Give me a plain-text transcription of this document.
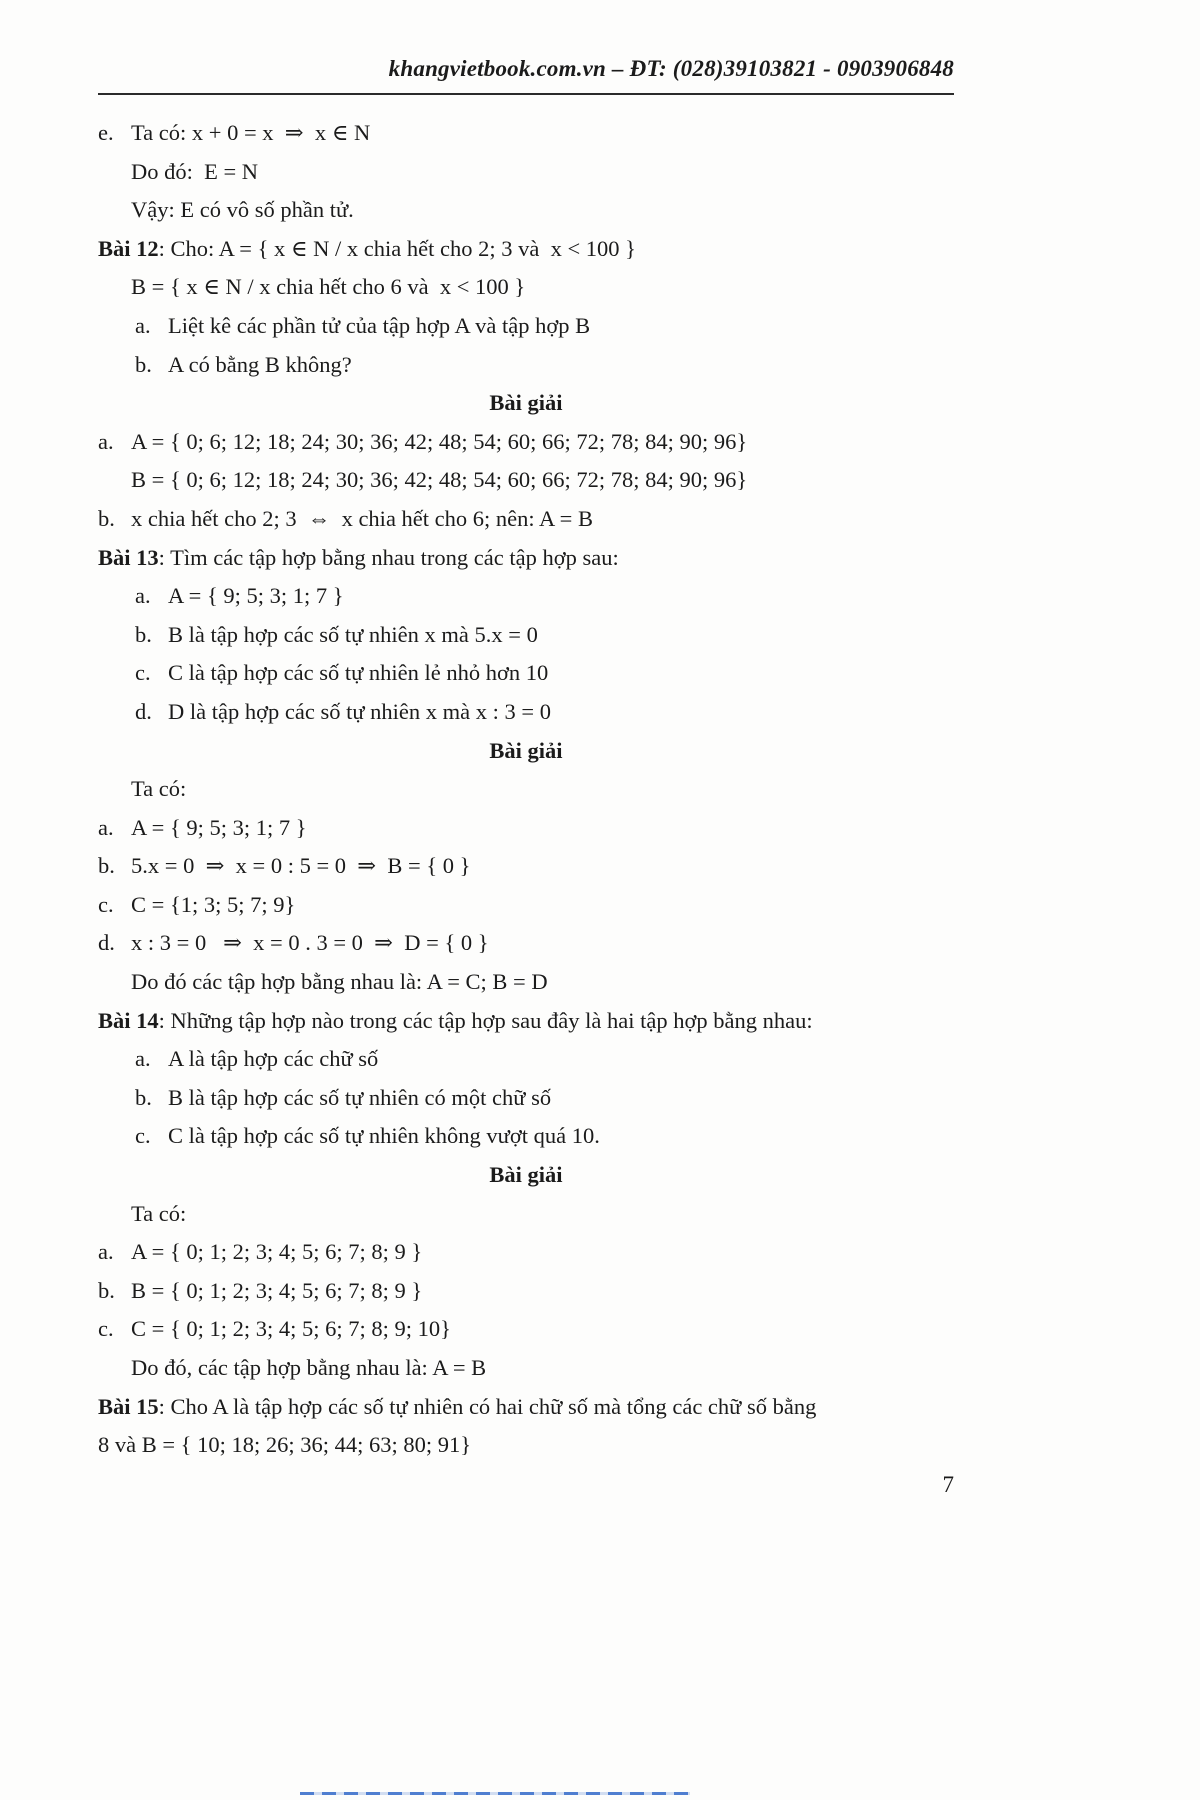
khangvietbook.com.vn – ĐT: (028)39103821 - 0903906848
e. Ta có: x + 0 = x  ⇒  x ∈ N
Do đó:  E = N
Vậy: E có vô số phần tử.
Bài 12: Cho: A = { x ∈ N / x chia hết cho 2; 3 và  x < 100 }
B = { x ∈ N / x chia hết cho 6 và  x < 100 }
a. Liệt kê các phần tử của tập hợp A và tập hợp B
b. A có bằng B không?
Bài giải
a. A = { 0; 6; 12; 18; 24; 30; 36; 42; 48; 54; 60; 66; 72; 78; 84; 90; 96}
B = { 0; 6; 12; 18; 24; 30; 36; 42; 48; 54; 60; 66; 72; 78; 84; 90; 96}
b. x chia hết cho 2; 3  ⇔  x chia hết cho 6; nên: A = B
Bài 13: Tìm các tập hợp bằng nhau trong các tập hợp sau:
a. A = { 9; 5; 3; 1; 7 }
b. B là tập hợp các số tự nhiên x mà 5.x = 0
c. C là tập hợp các số tự nhiên lẻ nhỏ hơn 10
d. D là tập hợp các số tự nhiên x mà x : 3 = 0
Bài giải
Ta có:
a. A = { 9; 5; 3; 1; 7 }
b. 5.x = 0  ⇒  x = 0 : 5 = 0  ⇒  B = { 0 }
c. C = {1; 3; 5; 7; 9}
d. x : 3 = 0   ⇒  x = 0 . 3 = 0  ⇒  D = { 0 }
Do đó các tập hợp bằng nhau là: A = C; B = D
Bài 14: Những tập hợp nào trong các tập hợp sau đây là hai tập hợp bằng nhau:
a. A là tập hợp các chữ số
b. B là tập hợp các số tự nhiên có một chữ số
c. C là tập hợp các số tự nhiên không vượt quá 10.
Bài giải
Ta có:
a. A = { 0; 1; 2; 3; 4; 5; 6; 7; 8; 9 }
b. B = { 0; 1; 2; 3; 4; 5; 6; 7; 8; 9 }
c. C = { 0; 1; 2; 3; 4; 5; 6; 7; 8; 9; 10}
Do đó, các tập hợp bằng nhau là: A = B
Bài 15: Cho A là tập hợp các số tự nhiên có hai chữ số mà tổng các chữ số bằng
8 và B = { 10; 18; 26; 36; 44; 63; 80; 91}
7
